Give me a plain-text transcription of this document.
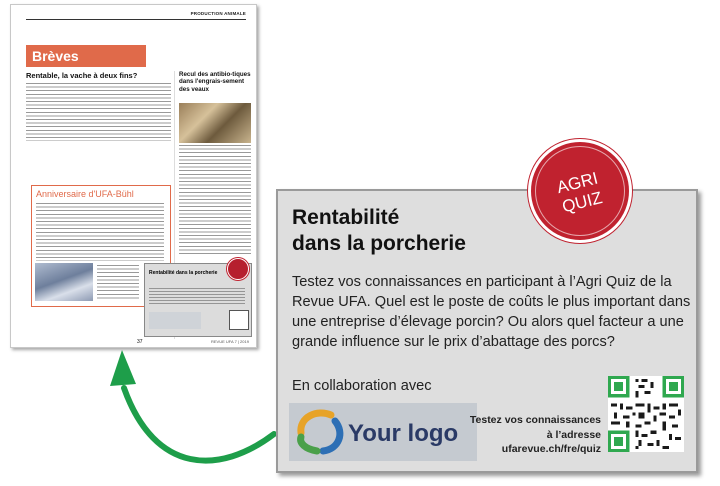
PRODUCTION ANIMALE
Brèves
Rentable, la vache à deux fins?	Recul des antibio-tiques dans l'engrais-sement des veaux
Anniversaire d'UFA-Bühl
Rentabilité dans la porcherie
37	REVUE UFA 7 | 2019
Rentabilité
dans la porcherie
Testez vos connaissances en participant à l’Agri Quiz de la Revue UFA. Quel est le poste de coûts le plus important dans une entreprise d’élevage porcin? Ou alors quel facteur a une grande influence sur le prix d’abattage des porcs?
En collaboration avec
Your logo Testez vos connaissances
à l’adresse
ufarevue.ch/fre/quiz
AGRI
QUIZ
